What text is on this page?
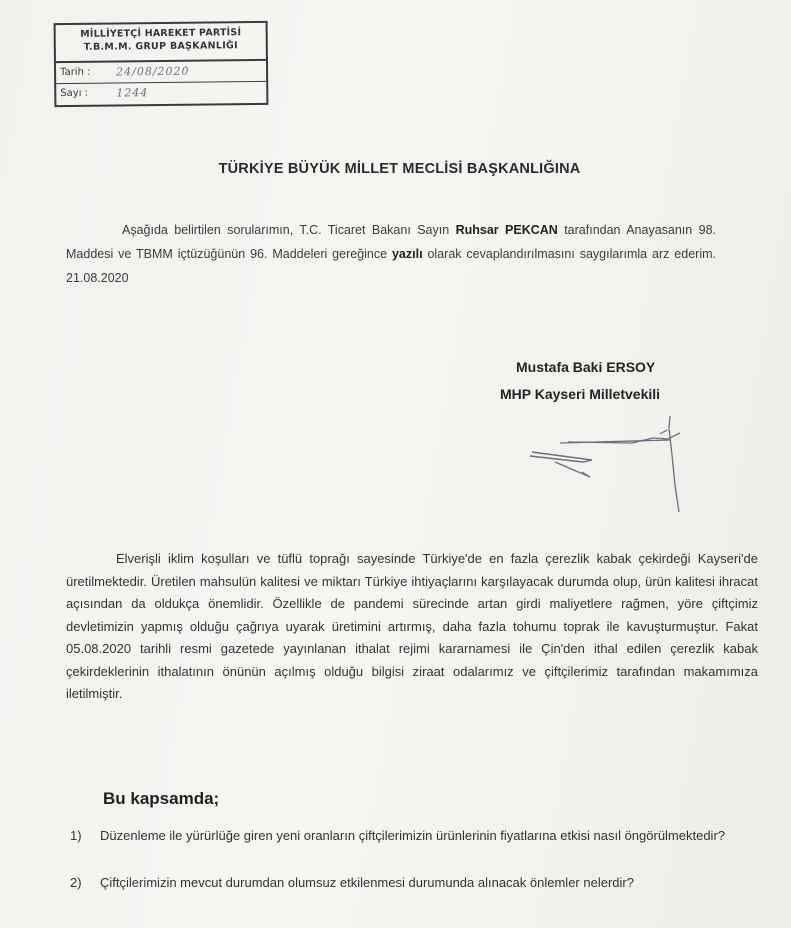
MİLLİYETÇİ HAREKET PARTİSİ
T.B.M.M. GRUP BAŞKANLIĞI
Tarih : 24/08/2020
Sayı :	1244
TÜRKİYE BÜYÜK MİLLET MECLİSİ BAŞKANLIĞINA
Aşağıda belirtilen sorularımın, T.C. Ticaret Bakanı Sayın Ruhsar PEKCAN tarafından Anayasanın 98. Maddesi ve TBMM içtüzüğünün 96. Maddeleri gereğince yazılı olarak cevaplandırılmasını saygılarımla arz ederim. 21.08.2020
Mustafa Baki ERSOY
MHP Kayseri Milletvekili
Elverişli iklim koşulları ve tüflü toprağı sayesinde Türkiye'de en fazla çerezlik kabak çekirdeği Kayseri'de üretilmektedir. Üretilen mahsulün kalitesi ve miktarı Türkiye ihtiyaçlarını karşılayacak durumda olup, ürün kalitesi ihracat açısından da oldukça önemlidir. Özellikle de pandemi sürecinde artan girdi maliyetlere rağmen, yöre çiftçimiz devletimizin yapmış olduğu çağrıya uyarak üretimini artırmış, daha fazla tohumu toprak ile kavuşturmuştur. Fakat 05.08.2020 tarihli resmi gazetede yayınlanan ithalat rejimi kararnamesi ile Çin'den ithal edilen çerezlik kabak çekirdeklerinin ithalatının önünün açılmış olduğu bilgisi ziraat odalarımız ve çiftçilerimiz tarafından makamımıza iletilmiştir.
Bu kapsamda;
1)	Düzenleme ile yürürlüğe giren yeni oranların çiftçilerimizin ürünlerinin fiyatlarına etkisi nasıl öngörülmektedir?
2)	Çiftçilerimizin mevcut durumdan olumsuz etkilenmesi durumunda alınacak önlemler nelerdir?
